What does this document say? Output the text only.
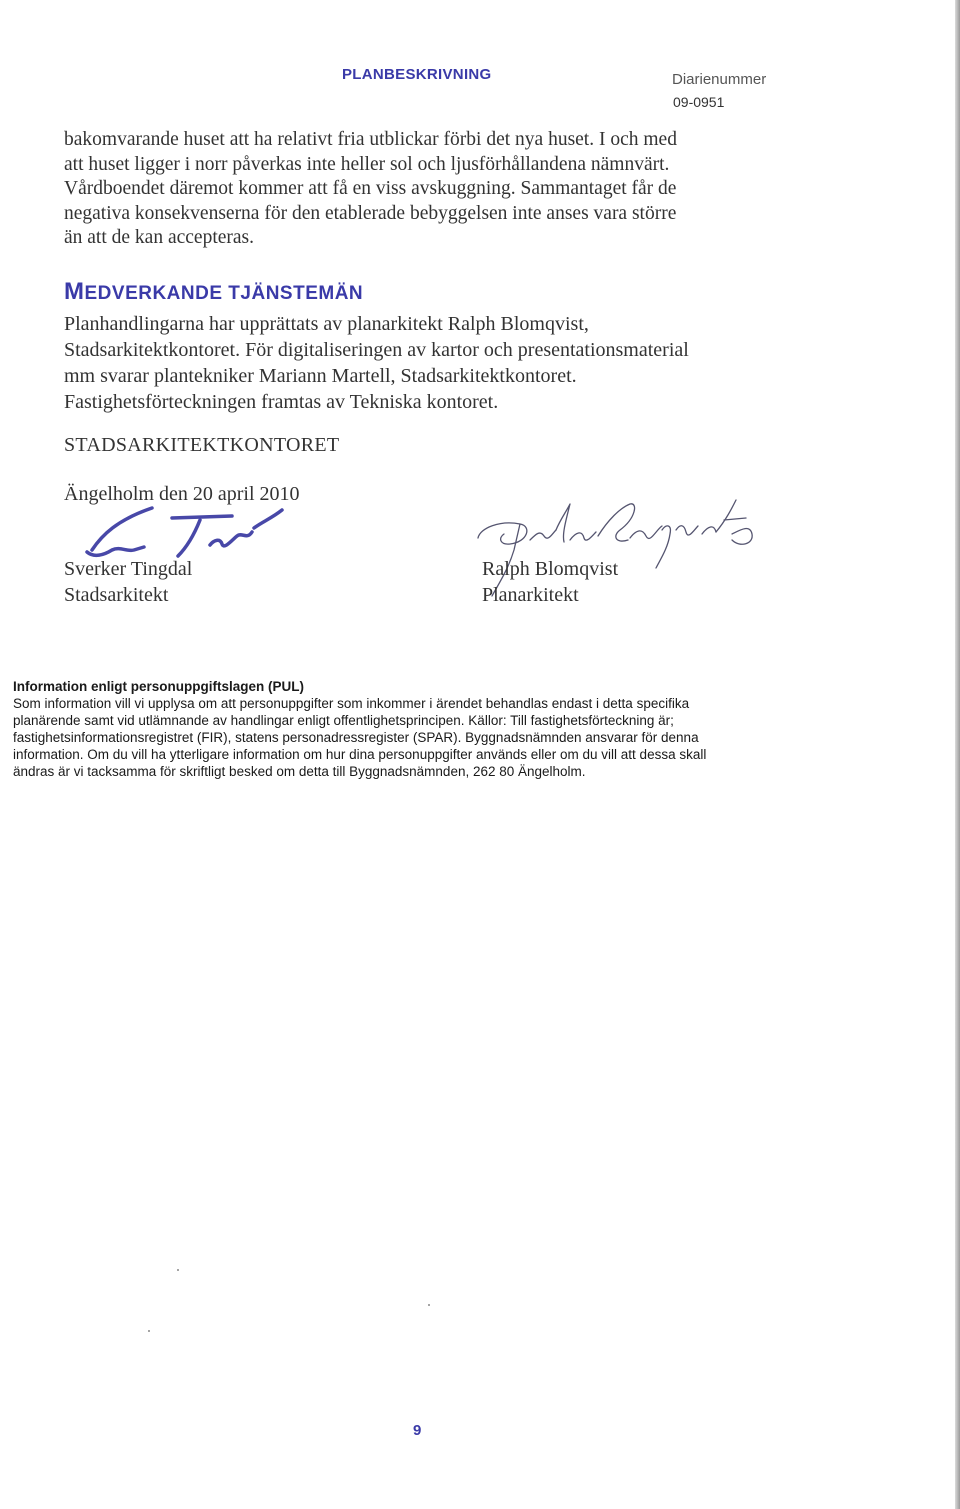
PLANBESKRIVNING	Diarienummer
09-0951

bakomvarande huset att ha relativt fria utblickar förbi det nya huset. I och med

att huset ligger i norr påverkas inte heller sol och ljusförhållandena nämnvärt.

Vårdboendet däremot kommer att få en viss avskuggning. Sammantaget får de

negativa konsekvenserna för den etablerade bebyggelsen inte anses vara större

än att de kan accepteras.

MEDVERKANDE TJÄNSTEMÄN

Planhandlingarna har upprättats av planarkitekt Ralph Blomqvist,

Stadsarkitektkontoret. För digitaliseringen av kartor och presentationsmaterial

mm svarar plantekniker Mariann Martell, Stadsarkitektkontoret.

Fastighetsförteckningen framtas av Tekniska kontoret.

STADSARKITEKTKONTORET
Ängelholm den 20 april 2010

Sverker Tingdal

Stadsarkitekt

Ralph Blomqvist

Planarkitekt

Information enligt personuppgiftslagen (PUL)

Som information vill vi upplysa om att personuppgifter som inkommer i ärendet behandlas endast i detta specifika

planärende samt vid utlämnande av handlingar enligt offentlighetsprincipen. Källor: Till fastighetsförteckning är;

fastighetsinformationsregistret (FIR), statens personadressregister (SPAR). Byggnadsnämnden ansvarar för denna

information. Om du vill ha ytterligare information om hur dina personuppgifter används eller om du vill att dessa skall

ändras är vi tacksamma för skriftligt besked om detta till Byggnadsnämnden, 262 80 Ängelholm.

9
